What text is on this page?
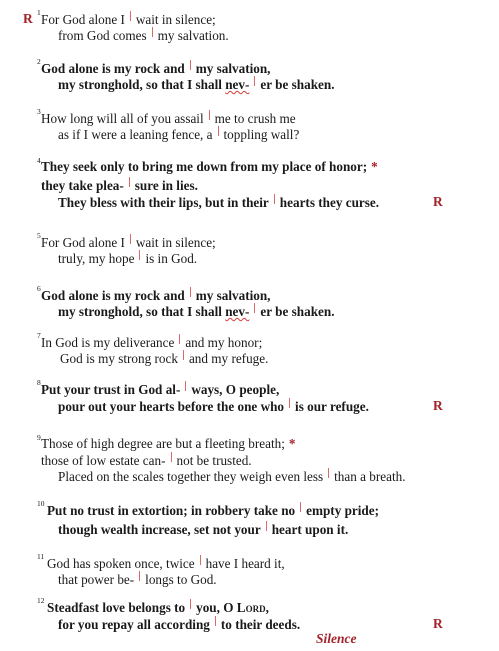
R 1 For God alone I wait in silence;
from God comes my salvation.
2 God alone is my rock and my salvation,
my stronghold, so that I shall nev- er be shaken.
3 How long will all of you assail me to crush me
as if I were a leaning fence, a toppling wall?
4 They seek only to bring me down from my place of honor; *
they take plea- sure in lies.
They bless with their lips, but in their hearts they curse.	R
5 For God alone I wait in silence;
truly, my hope is in God.
6 God alone is my rock and my salvation,
my stronghold, so that I shall nev- er be shaken.
7 In God is my deliverance and my honor;
God is my strong rock and my refuge.
8 Put your trust in God al- ways, O people,
pour out your hearts before the one who is our refuge.	R
9 Those of high degree are but a fleeting breath; *
those of low estate can- not be trusted.
Placed on the scales together they weigh even less than a breath.
10 Put no trust in extortion; in robbery take no empty pride;
though wealth increase, set not your heart upon it.
11 God has spoken once, twice have I heard it,
that power be- longs to God.
12 Steadfast love belongs to you, O Lord,
for you repay all according to their deeds.	R
Silence
